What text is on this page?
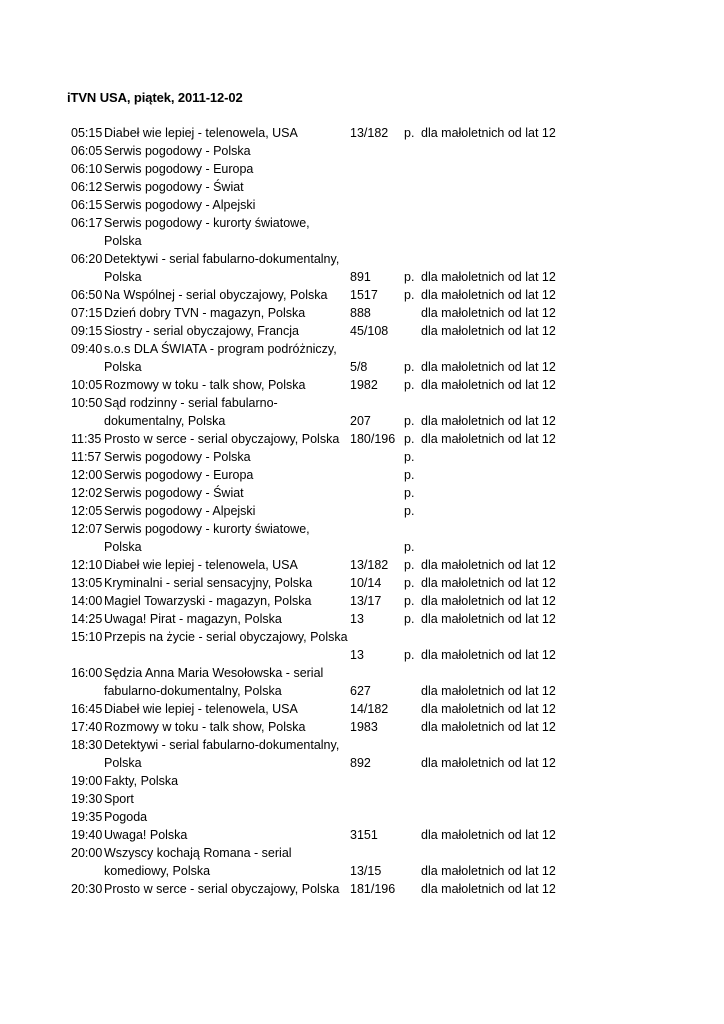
iTVN USA, piątek, 2011-12-02
05:15 Diabeł wie lepiej - telenowela, USA	13/182 p. dla małoletnich od lat 12
06:05 Serwis pogodowy - Polska
06:10 Serwis pogodowy - Europa
06:12 Serwis pogodowy - Świat
06:15 Serwis pogodowy - Alpejski
06:17 Serwis pogodowy - kurorty światowe, Polska
06:20 Detektywi - serial fabularno-dokumentalny,
Polska	891	p. dla małoletnich od lat 12
06:50 Na Wspólnej - serial obyczajowy, Polska	1517 p. dla małoletnich od lat 12
07:15 Dzień dobry TVN - magazyn, Polska	888	dla małoletnich od lat 12
09:15 Siostry - serial obyczajowy, Francja	45/108	dla małoletnich od lat 12
09:40 s.o.s DLA ŚWIATA - program podróżniczy,
Polska	5/8	p. dla małoletnich od lat 12
10:05 Rozmowy w toku - talk show, Polska	1982 p. dla małoletnich od lat 12
10:50 Sąd rodzinny - serial fabularno-
dokumentalny, Polska	207	p. dla małoletnich od lat 12
11:35 Prosto w serce - serial obyczajowy, Polska 180/196 p. dla małoletnich od lat 12
11:57 Serwis pogodowy - Polska	p.
12:00 Serwis pogodowy - Europa	p.
12:02 Serwis pogodowy - Świat	p.
12:05 Serwis pogodowy - Alpejski	p.
12:07 Serwis pogodowy - kurorty światowe, Polska	p.
12:10 Diabeł wie lepiej - telenowela, USA	13/182 p. dla małoletnich od lat 12
13:05 Kryminalni - serial sensacyjny, Polska	10/14 p. dla małoletnich od lat 12
14:00 Magiel Towarzyski - magazyn, Polska	13/17 p. dla małoletnich od lat 12
14:25 Uwaga! Pirat - magazyn, Polska	13	p. dla małoletnich od lat 12
15:10 Przepis na życie - serial obyczajowy, Polska
13	p. dla małoletnich od lat 12
16:00 Sędzia Anna Maria Wesołowska - serial
fabularno-dokumentalny, Polska	627	dla małoletnich od lat 12
16:45 Diabeł wie lepiej - telenowela, USA	14/182	dla małoletnich od lat 12
17:40 Rozmowy w toku - talk show, Polska	1983	dla małoletnich od lat 12
18:30 Detektywi - serial fabularno-dokumentalny,
Polska	892	dla małoletnich od lat 12
19:00 Fakty, Polska
19:30 Sport
19:35 Pogoda
19:40 Uwaga! Polska	3151	dla małoletnich od lat 12
20:00 Wszyscy kochają Romana - serial
komediowy, Polska	13/15	dla małoletnich od lat 12
20:30 Prosto w serce - serial obyczajowy, Polska 181/196 dla małoletnich od lat 12
